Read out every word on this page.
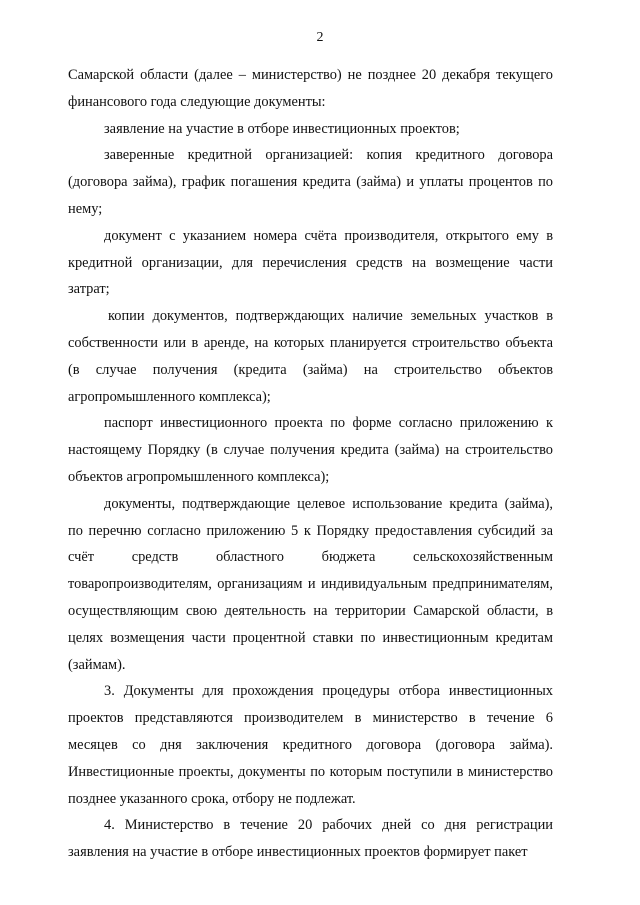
2

Самарской области (далее – министерство) не позднее 20 декабря текущего финансового года следующие документы:

заявление на участие в отборе инвестиционных проектов;

заверенные кредитной организацией: копия кредитного договора (договора займа), график погашения кредита (займа) и уплаты процентов по нему;

документ с указанием номера счёта производителя, открытого ему в кредитной организации, для перечисления средств на возмещение части затрат;

копии документов, подтверждающих наличие земельных участков в собственности или в аренде, на которых планируется строительство объекта (в случае получения (кредита (займа) на строительство объектов агропромышленного комплекса);

паспорт инвестиционного проекта по форме согласно приложению к настоящему Порядку (в случае получения кредита (займа) на строительство объектов агропромышленного комплекса);

документы, подтверждающие целевое использование кредита (займа), по перечню согласно приложению 5 к Порядку предоставления субсидий за счёт средств областного бюджета сельскохозяйственным товаропроизводителям, организациям и индивидуальным предпринимателям, осуществляющим свою деятельность на территории Самарской области, в целях возмещения части процентной ставки по инвестиционным кредитам (займам).

3. Документы для прохождения процедуры отбора инвестиционных проектов представляются производителем в министерство в течение 6 месяцев со дня заключения кредитного договора (договора займа). Инвестиционные проекты, документы по которым поступили в министерство позднее указанного срока, отбору не подлежат.

4. Министерство в течение 20 рабочих дней со дня регистрации заявления на участие в отборе инвестиционных проектов формирует пакет
